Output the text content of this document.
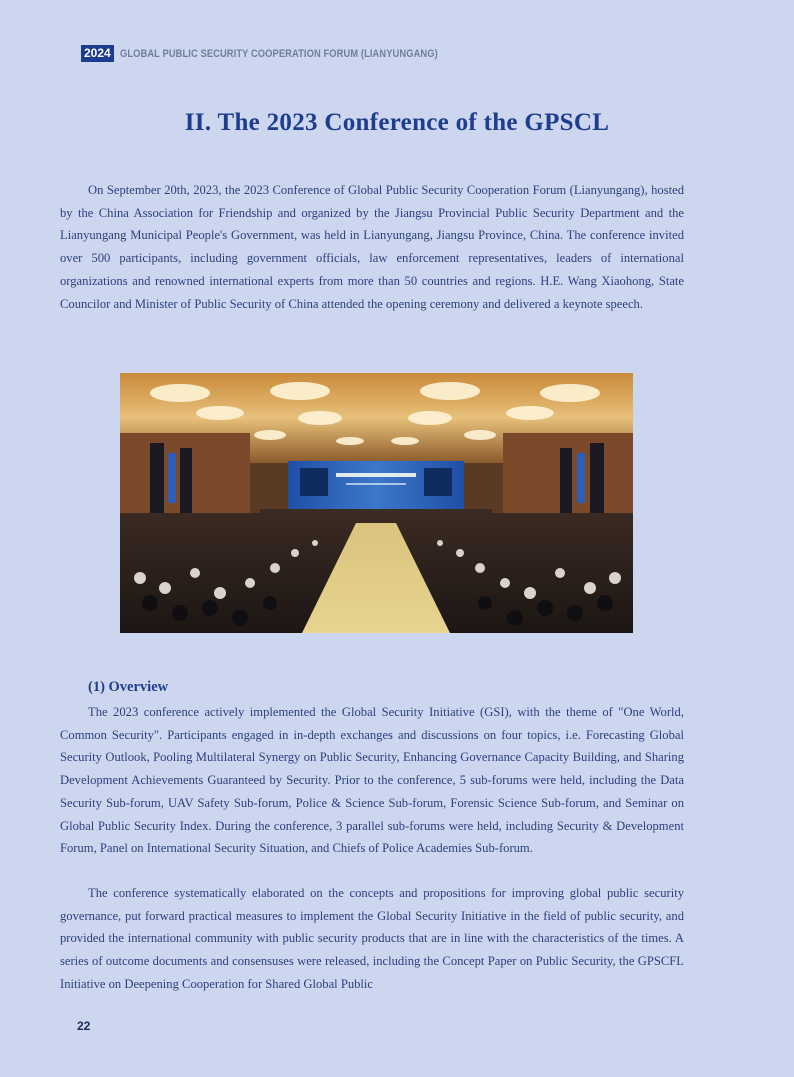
2024 GLOBAL PUBLIC SECURITY COOPERATION FORUM (LIANYUNGANG)
II. The 2023 Conference of the GPSCL

On September 20th, 2023, the 2023 Conference of Global Public Security Cooperation Forum (Lianyungang), hosted by the China Association for Friendship and organized by the Jiangsu Provincial Public Security Department and the Lianyungang Municipal People's Government, was held in Lianyungang, Jiangsu Province, China. The conference invited over 500 participants, including government officials, law enforcement representatives, leaders of international organizations and renowned international experts from more than 50 countries and regions. H.E. Wang Xiaohong, State Councilor and Minister of Public Security of China attended the opening ceremony and delivered a keynote speech.

(1) Overview

The 2023 conference actively implemented the Global Security Initiative (GSI), with the theme of "One World, Common Security". Participants engaged in in-depth exchanges and discussions on four topics, i.e. Forecasting Global Security Outlook, Pooling Multilateral Synergy on Public Security, Enhancing Governance Capacity Building, and Sharing Development Achievements Guaranteed by Security. Prior to the conference, 5 sub-forums were held, including the Data Security Sub-forum, UAV Safety Sub-forum, Police & Science Sub-forum, Forensic Science Sub-forum, and Seminar on Global Public Security Index. During the conference, 3 parallel sub-forums were held, including Security & Development Forum, Panel on International Security Situation, and Chiefs of Police Academies Sub-forum.

The conference systematically elaborated on the concepts and propositions for improving global public security governance, put forward practical measures to implement the Global Security Initiative in the field of public security, and provided the international community with public security products that are in line with the characteristics of the times. A series of outcome documents and consensuses were released, including the Concept Paper on Public Security, the GPSCFL Initiative on Deepening Cooperation for Shared Global Public

22
